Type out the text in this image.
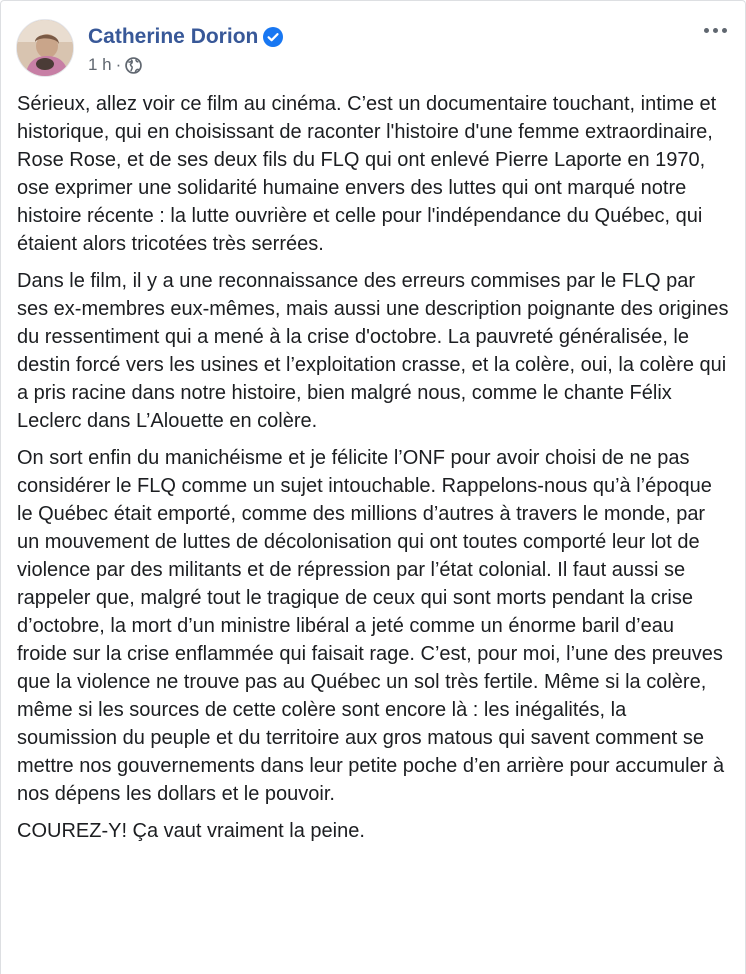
Catherine Dorion
1 h ·

Sérieux, allez voir ce film au cinéma. C’est un documentaire touchant, intime et historique, qui en choisissant de raconter l'histoire d'une femme extraordinaire, Rose Rose, et de ses deux fils du FLQ qui ont enlevé Pierre Laporte en 1970, ose exprimer une solidarité humaine envers des luttes qui ont marqué notre histoire récente : la lutte ouvrière et celle pour l'indépendance du Québec, qui étaient alors tricotées très serrées.

Dans le film, il y a une reconnaissance des erreurs commises par le FLQ par ses ex-membres eux-mêmes, mais aussi une description poignante des origines du ressentiment qui a mené à la crise d'octobre. La pauvreté généralisée, le destin forcé vers les usines et l’exploitation crasse, et la colère, oui, la colère qui a pris racine dans notre histoire, bien malgré nous, comme le chante Félix Leclerc dans L’Alouette en colère.

On sort enfin du manichéisme et je félicite l’ONF pour avoir choisi de ne pas considérer le FLQ comme un sujet intouchable. Rappelons-nous qu’à l’époque le Québec était emporté, comme des millions d’autres à travers le monde, par un mouvement de luttes de décolonisation qui ont toutes comporté leur lot de violence par des militants et de répression par l’état colonial. Il faut aussi se rappeler que, malgré tout le tragique de ceux qui sont morts pendant la crise d’octobre, la mort d’un ministre libéral a jeté comme un énorme baril d’eau froide sur la crise enflammée qui faisait rage. C’est, pour moi, l’une des preuves que la violence ne trouve pas au Québec un sol très fertile. Même si la colère, même si les sources de cette colère sont encore là : les inégalités, la soumission du peuple et du territoire aux gros matous qui savent comment se mettre nos gouvernements dans leur petite poche d’en arrière pour accumuler à nos dépens les dollars et le pouvoir.

COUREZ-Y! Ça vaut vraiment la peine.
